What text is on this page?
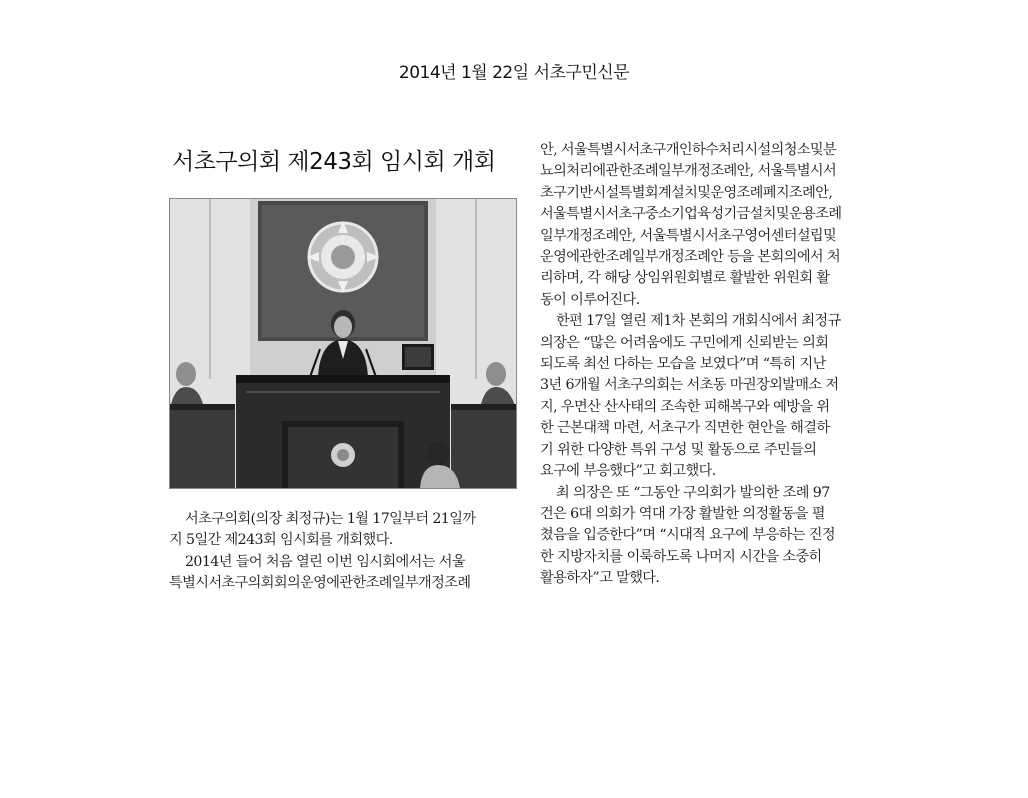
2014년 1월 22일 서초구민신문
서초구의회 제243회 임시회 개회

서초구의회(의장 최정규)는 1월 17일부터 21일까

지 5일간 제243회 임시회를 개회했다.

2014년 들어 처음 열린 이번 임시회에서는 서울

특별시서초구의회회의운영에관한조례일부개정조례

안, 서울특별시서초구개인하수처리시설의청소및분

뇨의처리에관한조례일부개정조례안, 서울특별시서

초구기반시설특별회계설치및운영조례폐지조례안,

서울특별시서초구중소기업육성기금설치및운용조례

일부개정조례안, 서울특별시서초구영어센터설립및

운영에관한조례일부개정조례안 등을 본회의에서 처

리하며, 각 해당 상임위원회별로 활발한 위원회 활

동이 이루어진다.

한편 17일 열린 제1차 본회의 개회식에서 최정규

의장은 “많은 어려움에도 구민에게 신뢰받는 의회

되도록 최선 다하는 모습을 보였다”며 “특히 지난

3년 6개월 서초구의회는 서초동 마권장외발매소 저

지, 우면산 산사태의 조속한 피해복구와 예방을 위

한 근본대책 마련, 서초구가 직면한 현안을 해결하

기 위한 다양한 특위 구성 및 활동으로 주민들의

요구에 부응했다”고 회고했다.

최 의장은 또 “그동안 구의회가 발의한 조례 97

건은 6대 의회가 역대 가장 활발한 의정활동을 펼

쳤음을 입증한다”며 “시대적 요구에 부응하는 진정

한 지방자치를 이룩하도록 나머지 시간을 소중히

활용하자”고 말했다.
